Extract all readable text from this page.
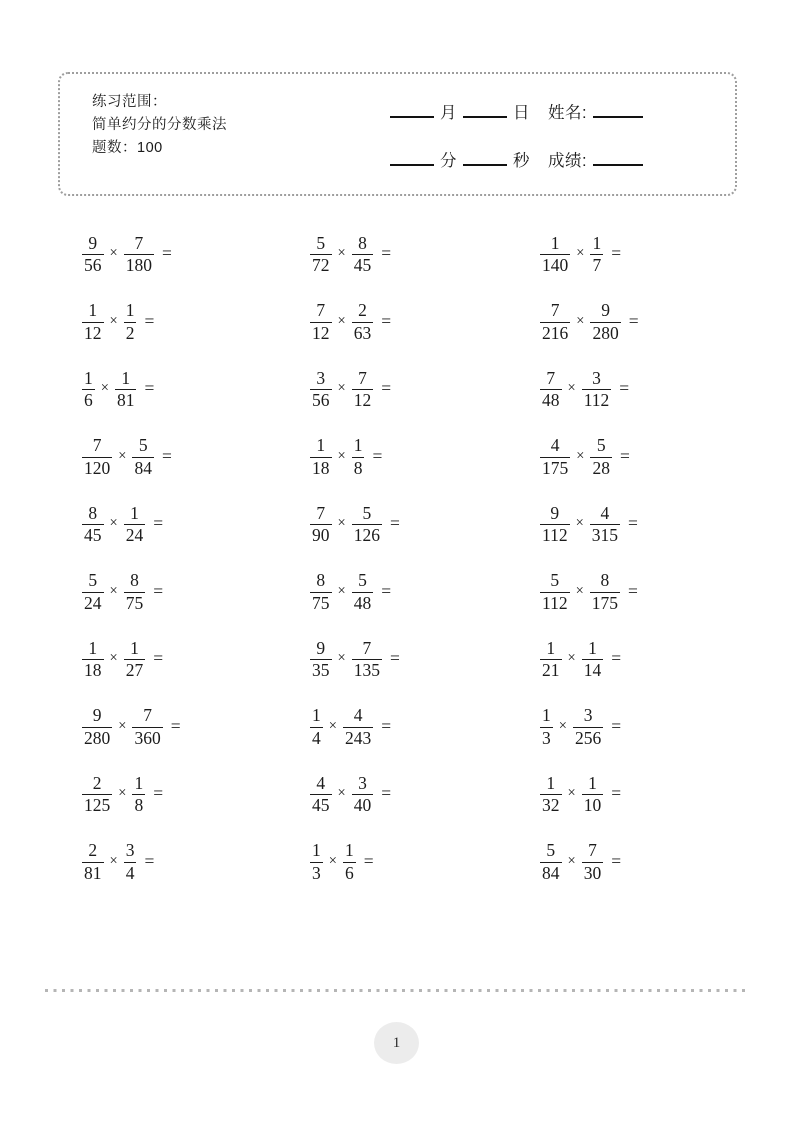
练习范围：
简单约分的分数乘法
题数：100
月	日 姓名:
分	秒 成绩:
$\frac{9}{56} \times \frac{7}{180}$ =	$\frac{5}{72} \times \frac{8}{45}$ =	$\frac{1}{140} \times \frac{1}{7}$ =
$\frac{1}{12} \times \frac{1}{2}$ =	$\frac{7}{12} \times \frac{2}{63}$ =	$\frac{7}{216} \times \frac{9}{280}$ =
$\frac{1}{6} \times \frac{1}{81}$ =	$\frac{3}{56} \times \frac{7}{12}$ =	$\frac{7}{48} \times \frac{3}{112}$ =
$\frac{7}{120} \times \frac{5}{84}$ =	$\frac{1}{18} \times \frac{1}{8}$ =	$\frac{4}{175} \times \frac{5}{28}$ =
$\frac{8}{45} \times \frac{1}{24}$ =	$\frac{7}{90} \times \frac{5}{126}$ =	$\frac{9}{112} \times \frac{4}{315}$ =
$\frac{5}{24} \times \frac{8}{75}$ =	$\frac{8}{75} \times \frac{5}{48}$ =	$\frac{5}{112} \times \frac{8}{175}$ =
$\frac{1}{18} \times \frac{1}{27}$ =	$\frac{9}{35} \times \frac{7}{135}$ =	$\frac{1}{21} \times \frac{1}{14}$ =
$\frac{9}{280} \times \frac{7}{360}$ =	$\frac{1}{4} \times \frac{4}{243}$ =	$\frac{1}{3} \times \frac{3}{256}$ =
$\frac{2}{125} \times \frac{1}{8}$ =	$\frac{4}{45} \times \frac{3}{40}$ =	$\frac{1}{32} \times \frac{1}{10}$ =
$\frac{2}{81} \times \frac{3}{4}$ =	$\frac{1}{3} \times \frac{1}{6}$ =	$\frac{5}{84} \times \frac{7}{30}$ =
1
